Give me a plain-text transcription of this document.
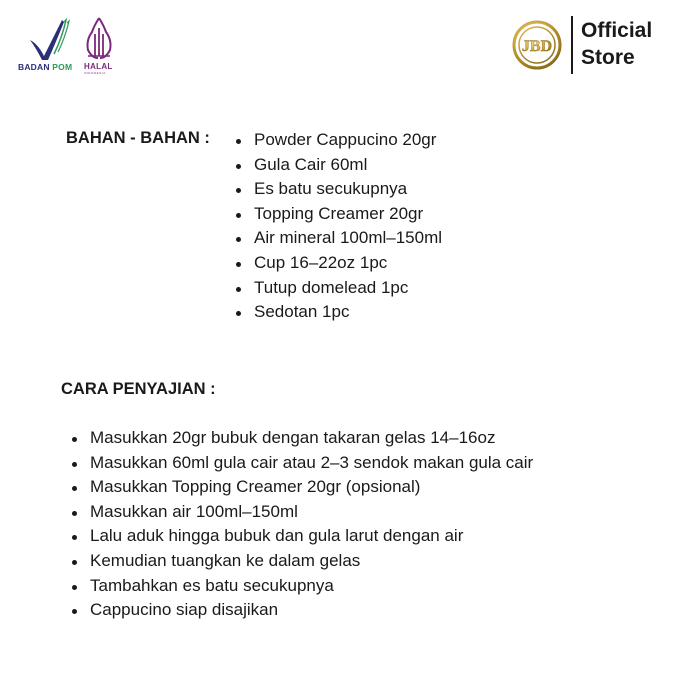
BADAN POM HALAL
INDONESIA
JBD
Official
Store
BAHAN - BAHAN :	Powder Cappucino 20gr
Gula Cair 60ml
Es batu secukupnya
Topping Creamer 20gr
Air mineral 100ml–150ml
Cup 16–22oz 1pc
Tutup domelead 1pc
Sedotan 1pc
CARA PENYAJIAN :
Masukkan 20gr bubuk dengan takaran gelas 14–16oz
Masukkan 60ml gula cair atau 2–3 sendok makan gula cair
Masukkan Topping Creamer 20gr (opsional)
Masukkan air 100ml–150ml
Lalu aduk hingga bubuk dan gula larut dengan air
Kemudian tuangkan ke dalam gelas
Tambahkan es batu secukupnya
Cappucino siap disajikan
